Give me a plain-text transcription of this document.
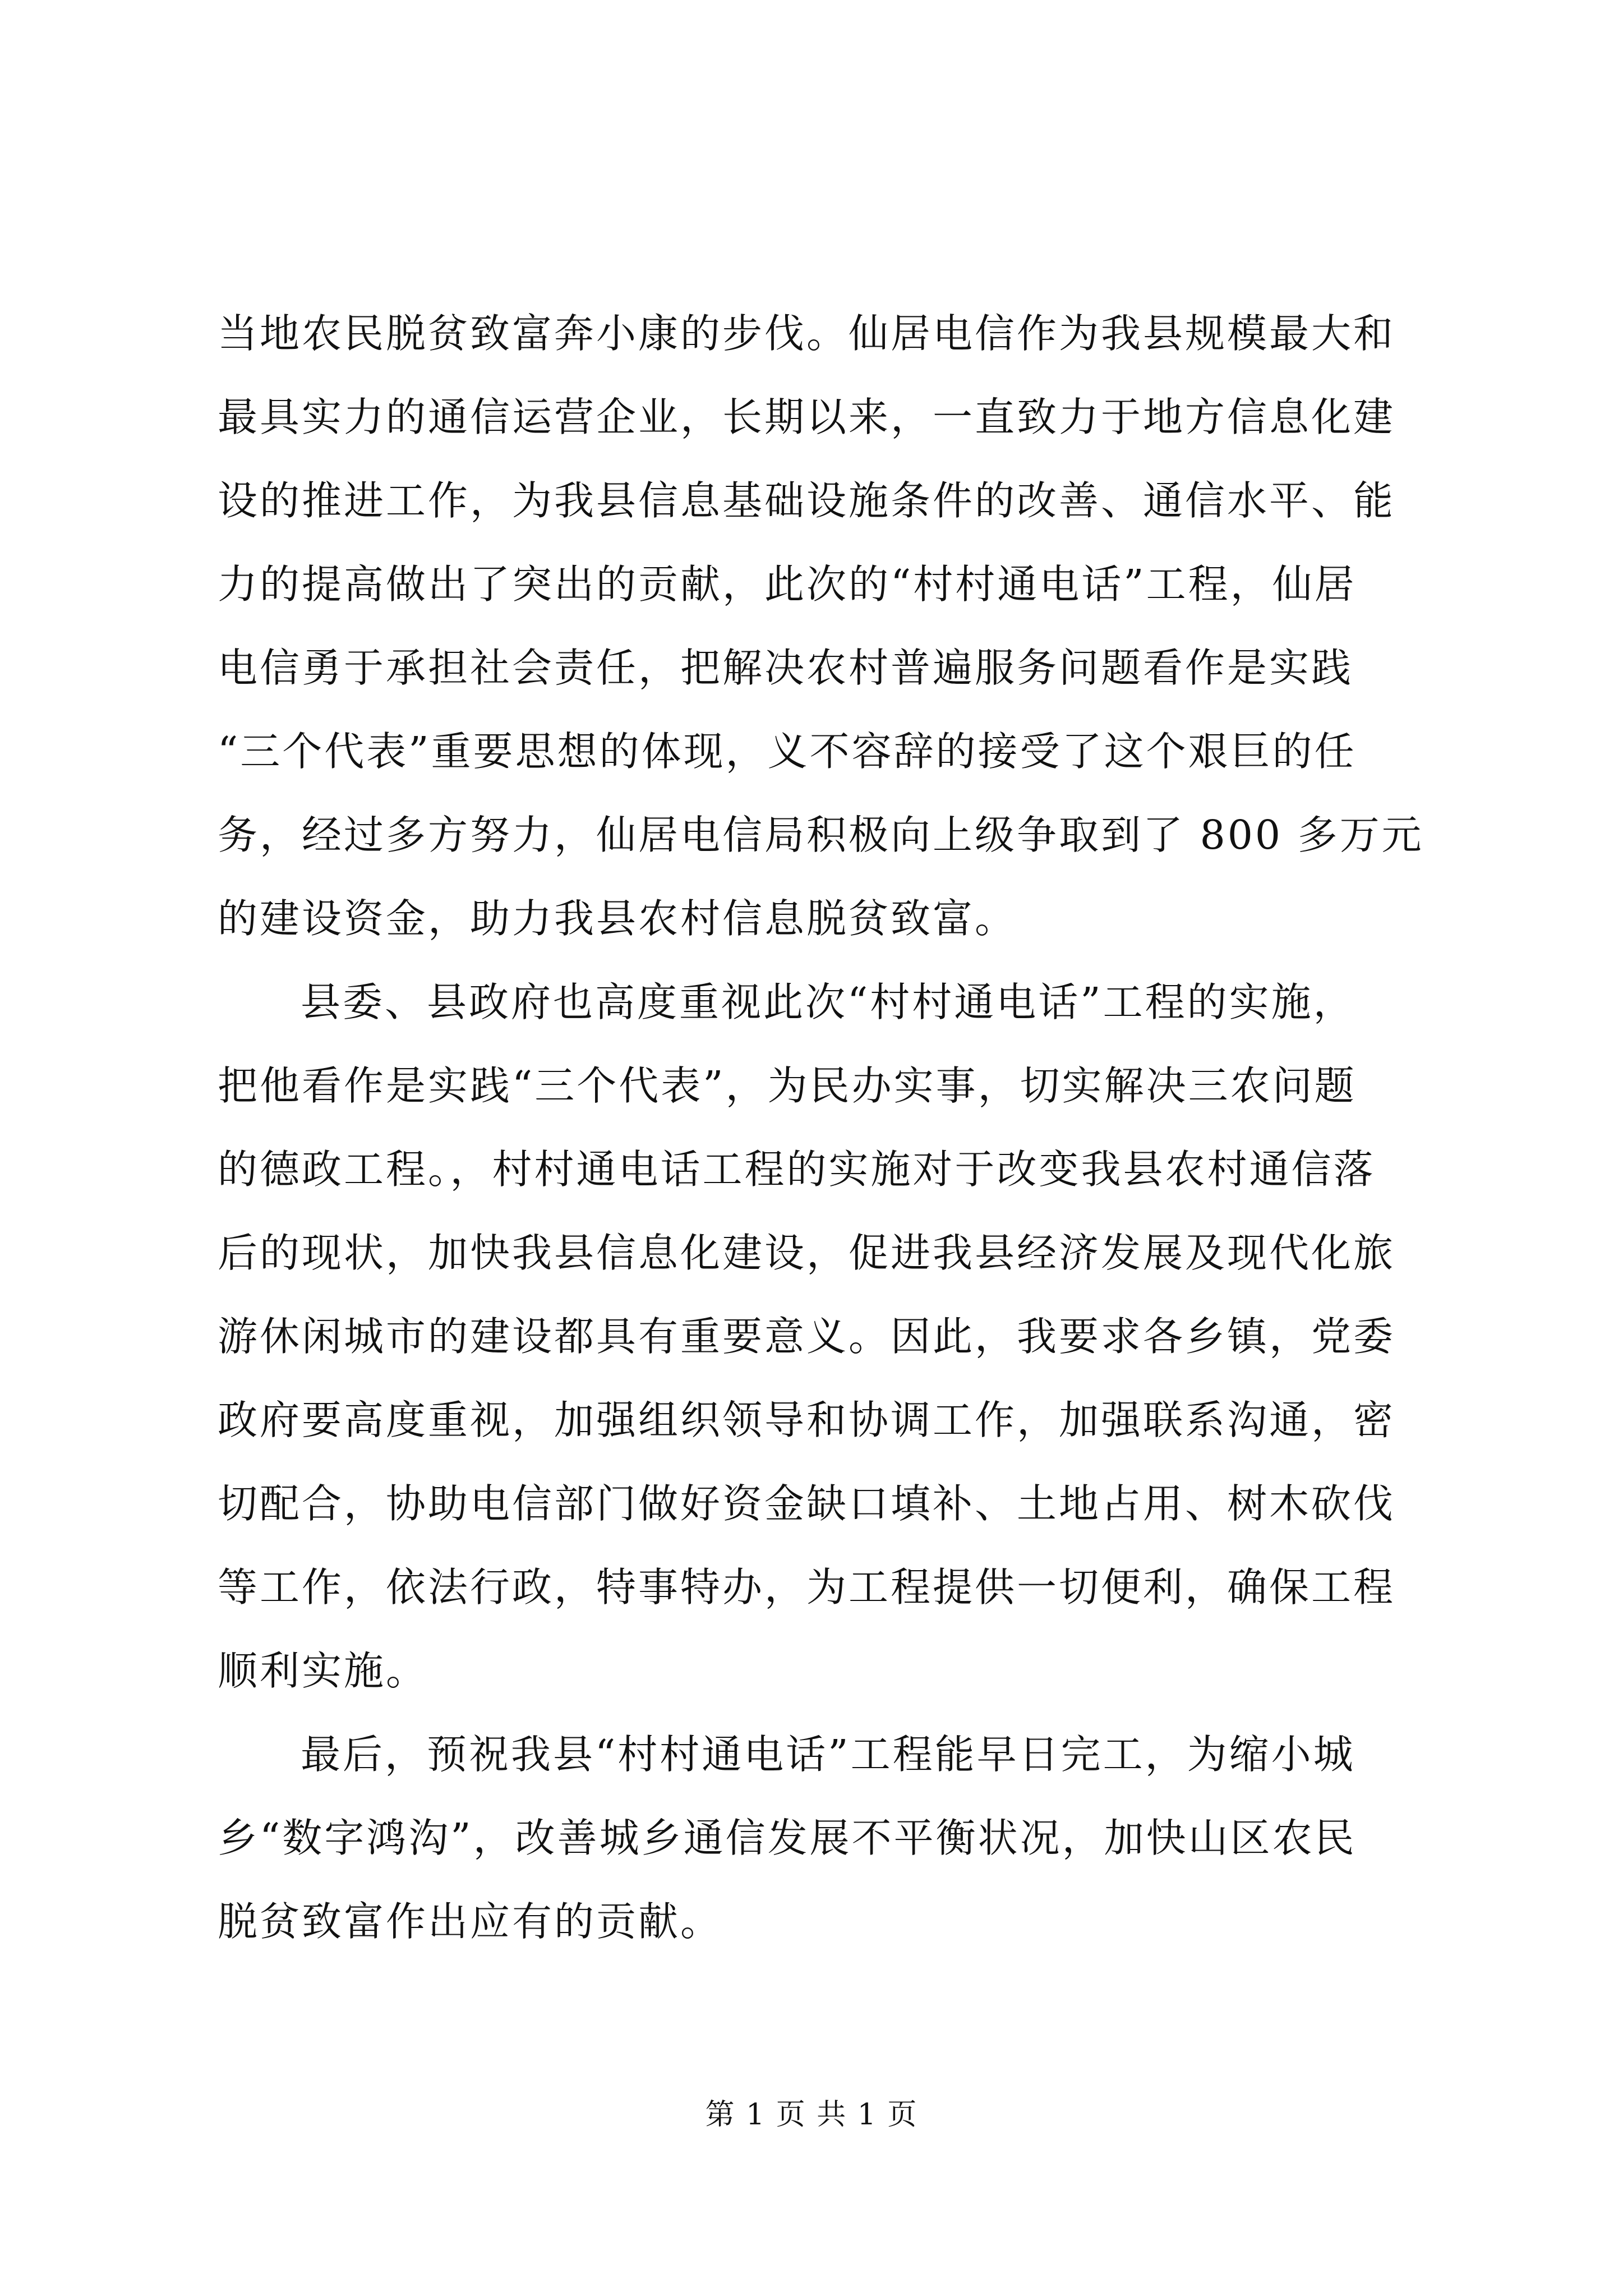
当地农民脱贫致富奔小康的步伐。仙居电信作为我县规模最大和
最具实力的通信运营企业，长期以来，一直致力于地方信息化建
设的推进工作，为我县信息基础设施条件的改善、通信水平、能
力的提高做出了突出的贡献，此次的“村村通电话”工程，仙居
电信勇于承担社会责任，把解决农村普遍服务问题看作是实践
“三个代表”重要思想的体现，义不容辞的接受了这个艰巨的任
务，经过多方努力，仙居电信局积极向上级争取到了 800 多万元
的建设资金，助力我县农村信息脱贫致富。
县委、县政府也高度重视此次“村村通电话”工程的实施，
把他看作是实践“三个代表”，为民办实事，切实解决三农问题
的德政工程。，村村通电话工程的实施对于改变我县农村通信落
后的现状，加快我县信息化建设，促进我县经济发展及现代化旅
游休闲城市的建设都具有重要意义。因此，我要求各乡镇，党委
政府要高度重视，加强组织领导和协调工作，加强联系沟通，密
切配合，协助电信部门做好资金缺口填补、土地占用、树木砍伐
等工作，依法行政，特事特办，为工程提供一切便利，确保工程
顺利实施。
最后，预祝我县“村村通电话”工程能早日完工，为缩小城
乡“数字鸿沟”，改善城乡通信发展不平衡状况，加快山区农民
脱贫致富作出应有的贡献。
第 1 页 共 1 页
